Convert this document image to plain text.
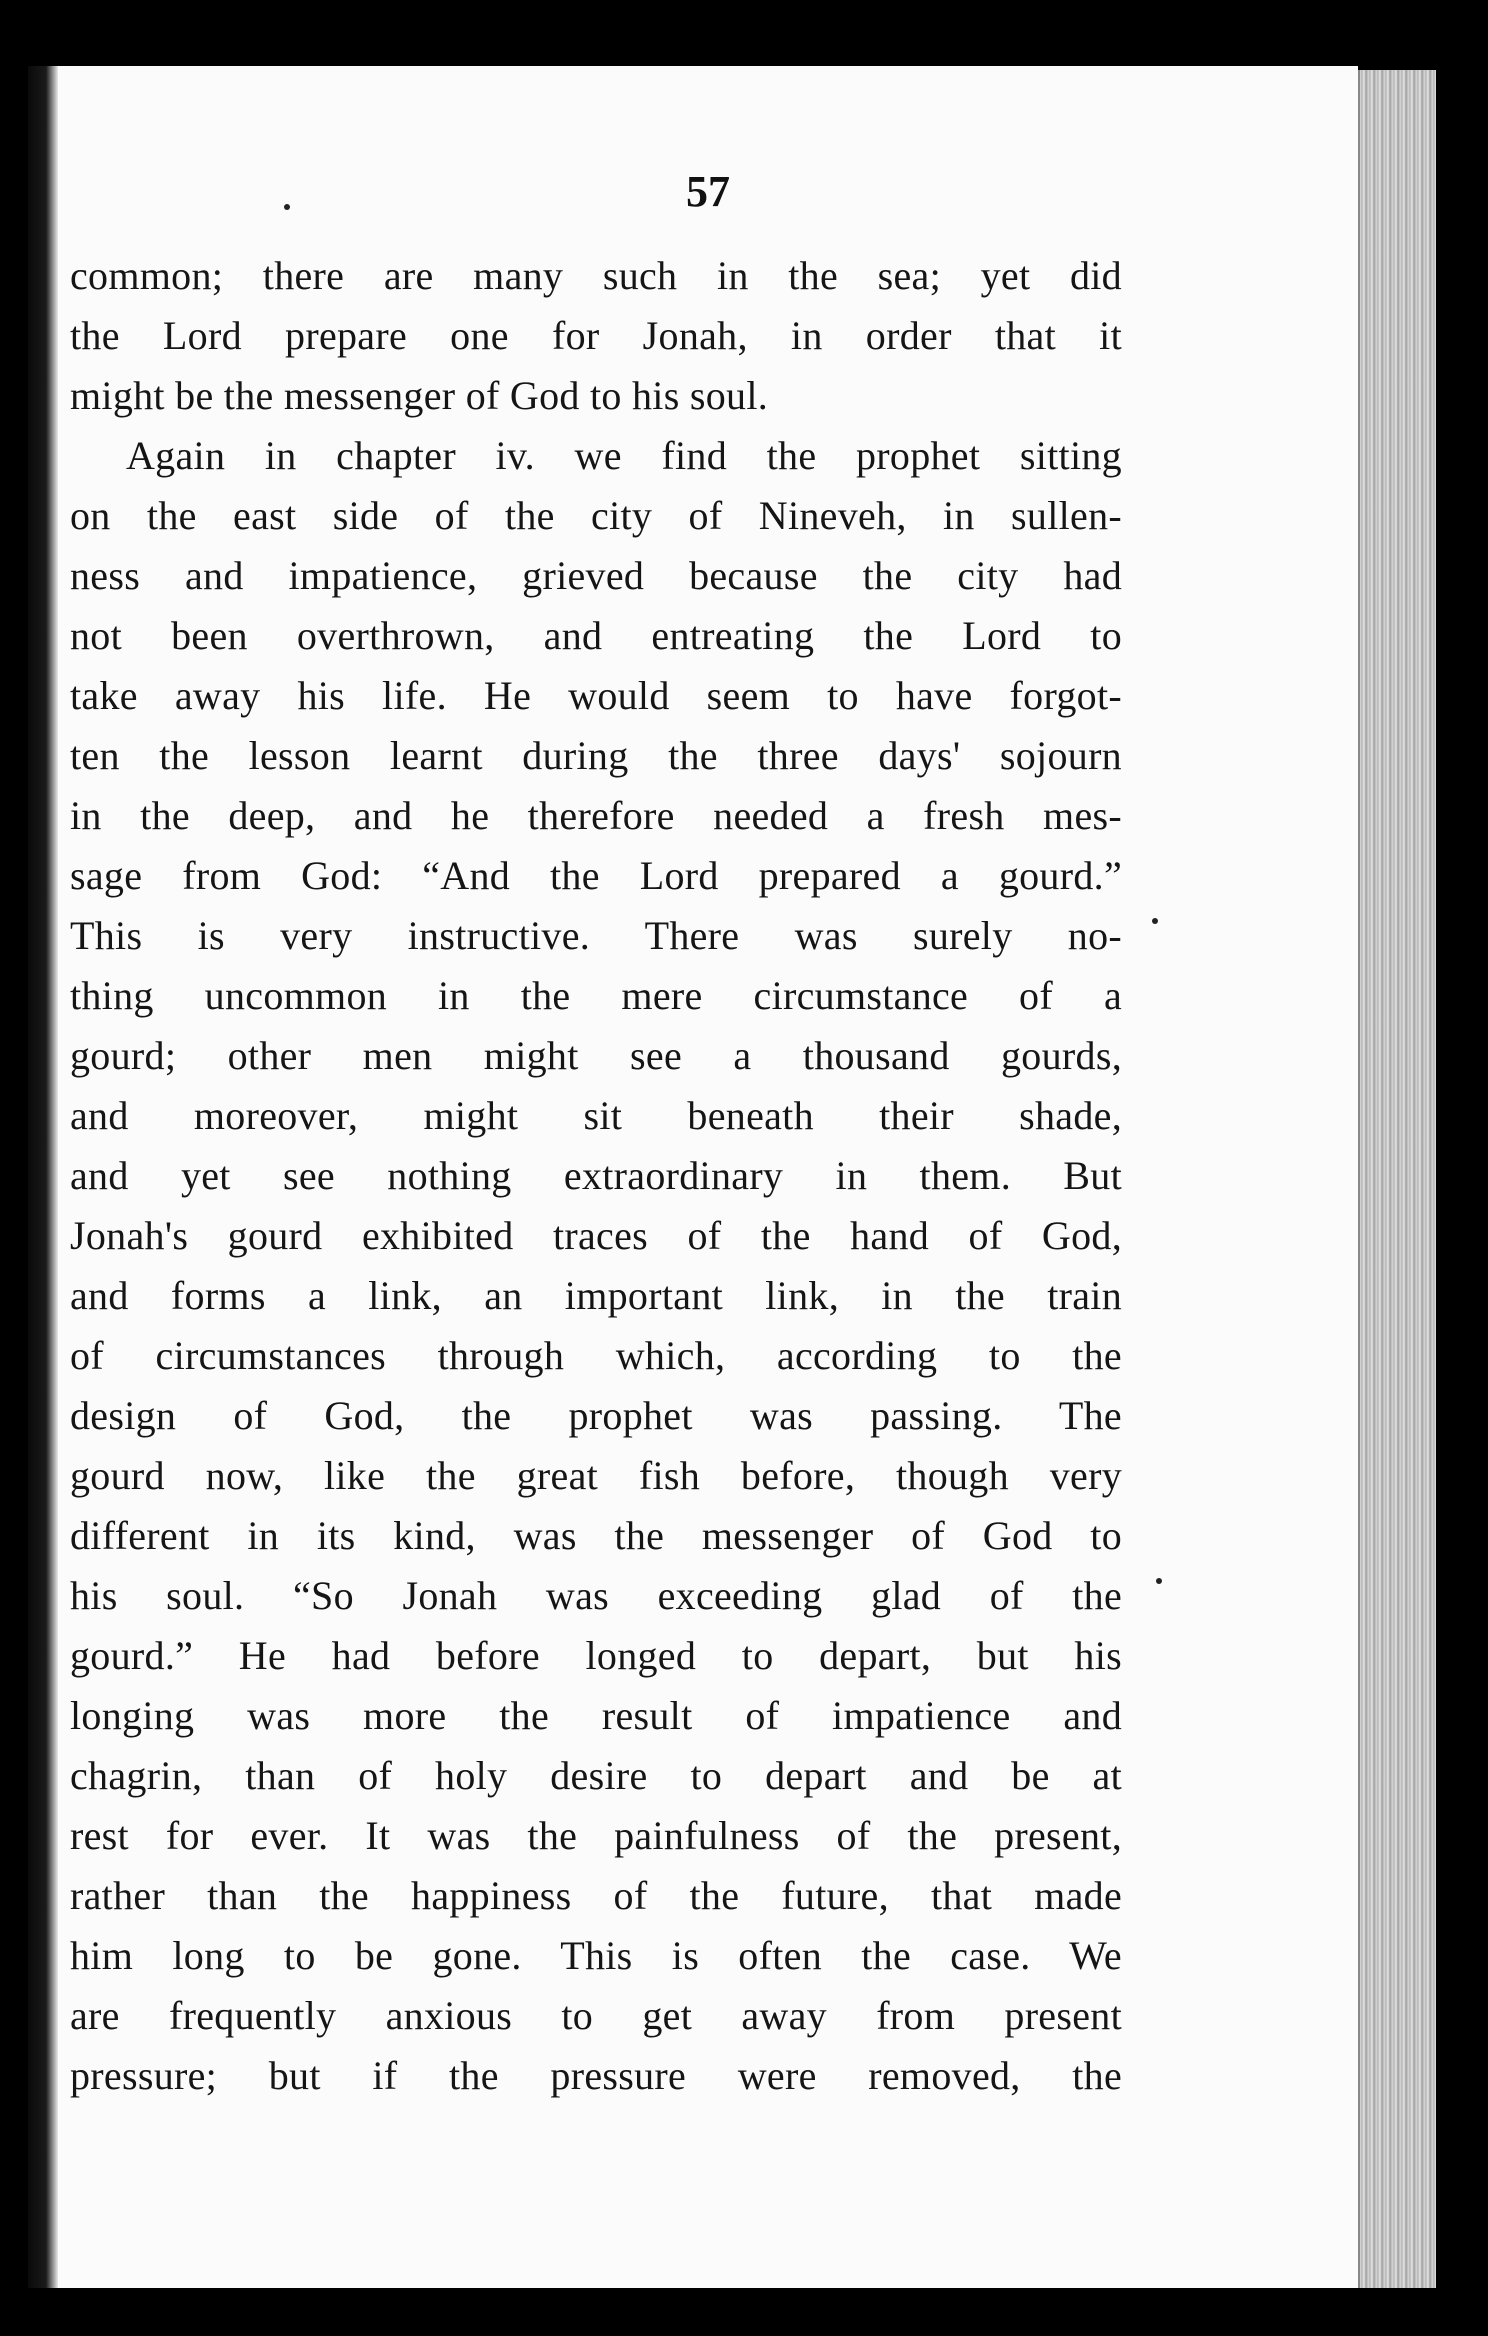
57
common; there are many such in the sea; yet did
the Lord prepare one for Jonah, in order that it
might be the messenger of God to his soul.
Again in chapter iv. we find the prophet sitting
on the east side of the city of Nineveh, in sullen-
ness and impatience, grieved because the city had
not been overthrown, and entreating the Lord to
take away his life. He would seem to have forgot-
ten the lesson learnt during the three days' sojourn
in the deep, and he therefore needed a fresh mes-
sage from God: “And the Lord prepared a gourd.”
This is very instructive. There was surely no-
thing uncommon in the mere circumstance of a
gourd; other men might see a thousand gourds,
and moreover, might sit beneath their shade,
and yet see nothing extraordinary in them. But
Jonah's gourd exhibited traces of the hand of God,
and forms a link, an important link, in the train
of circumstances through which, according to the
design of God, the prophet was passing. The
gourd now, like the great fish before, though very
different in its kind, was the messenger of God to
his soul. “So Jonah was exceeding glad of the
gourd.” He had before longed to depart, but his
longing was more the result of impatience and
chagrin, than of holy desire to depart and be at
rest for ever. It was the painfulness of the present,
rather than the happiness of the future, that made
him long to be gone. This is often the case. We
are frequently anxious to get away from present
pressure; but if the pressure were removed, the
